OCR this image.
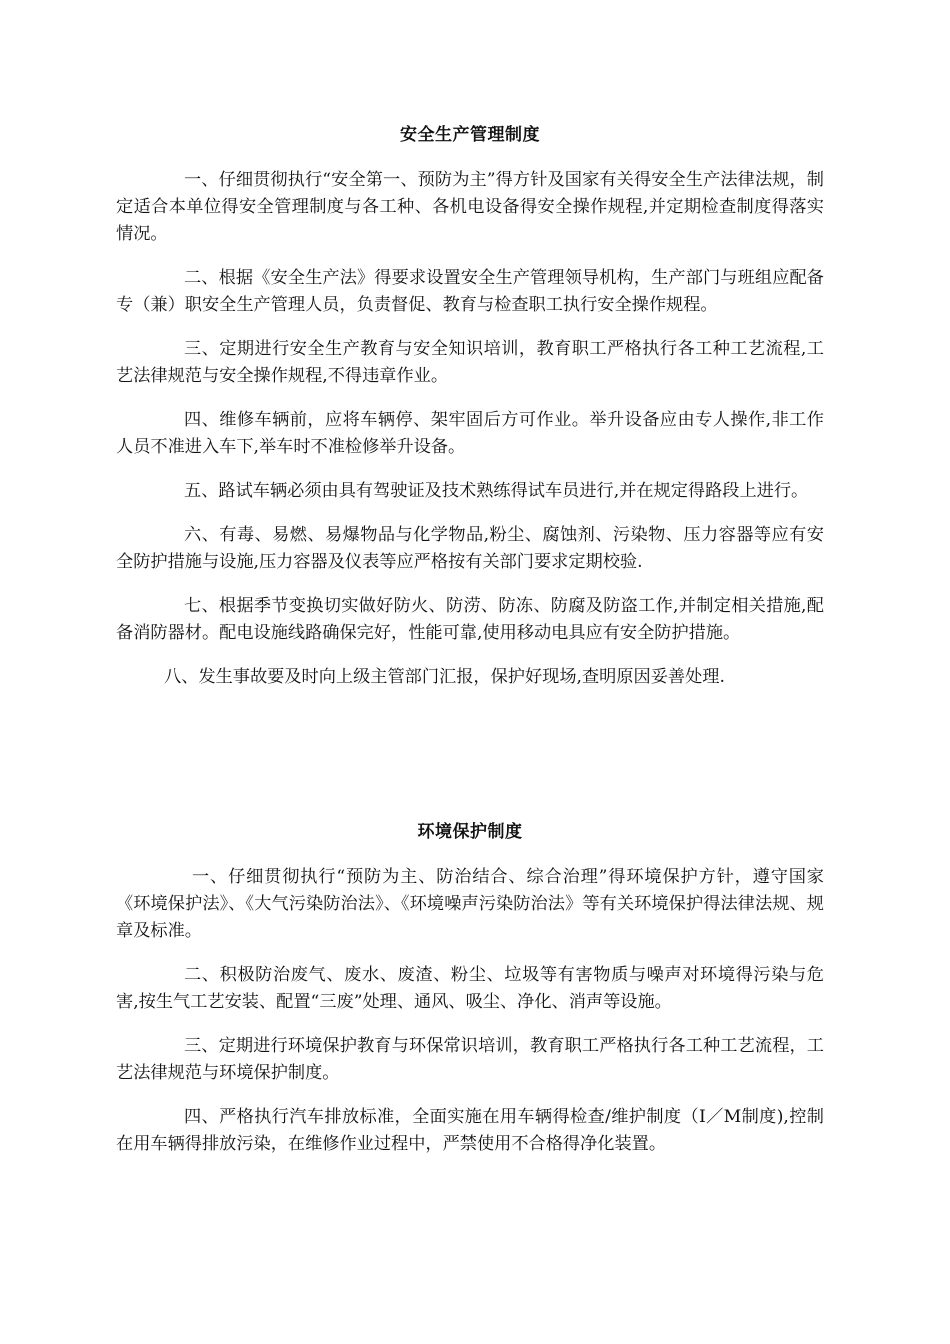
安全生产管理制度

一、仔细贯彻执行“安全第一、预防为主”得方针及国家有关得安全生产法律法规，制定适合本单位得安全管理制度与各工种、各机电设备得安全操作规程,并定期检查制度得落实情况。

二、根据《安全生产法》得要求设置安全生产管理领导机构，生产部门与班组应配备专（兼）职安全生产管理人员，负责督促、教育与检查职工执行安全操作规程。

三、定期进行安全生产教育与安全知识培训，教育职工严格执行各工种工艺流程,工艺法律规范与安全操作规程,不得违章作业。

四、维修车辆前，应将车辆停、架牢固后方可作业。举升设备应由专人操作,非工作人员不准进入车下,举车时不准检修举升设备。

五、路试车辆必须由具有驾驶证及技术熟练得试车员进行,并在规定得路段上进行。

六、有毒、易燃、易爆物品与化学物品,粉尘、腐蚀剂、污染物、压力容器等应有安全防护措施与设施,压力容器及仪表等应严格按有关部门要求定期校验.

七、根据季节变换切实做好防火、防涝、防冻、防腐及防盗工作,并制定相关措施,配备消防器材。配电设施线路确保完好，性能可靠,使用移动电具应有安全防护措施。

八、发生事故要及时向上级主管部门汇报，保护好现场,查明原因妥善处理.

环境保护制度

一、仔细贯彻执行“预防为主、防治结合、综合治理”得环境保护方针，遵守国家《环境保护法》、《大气污染防治法》、《环境噪声污染防治法》等有关环境保护得法律法规、规章及标准。

二、积极防治废气、废水、废渣、粉尘、垃圾等有害物质与噪声对环境得污染与危害,按生气工艺安装、配置“三废”处理、通风、吸尘、净化、消声等设施。

三、定期进行环境保护教育与环保常识培训，教育职工严格执行各工种工艺流程，工艺法律规范与环境保护制度。

四、严格执行汽车排放标准，全面实施在用车辆得检查/维护制度（I／M制度),控制在用车辆得排放污染，在维修作业过程中，严禁使用不合格得净化装置。
